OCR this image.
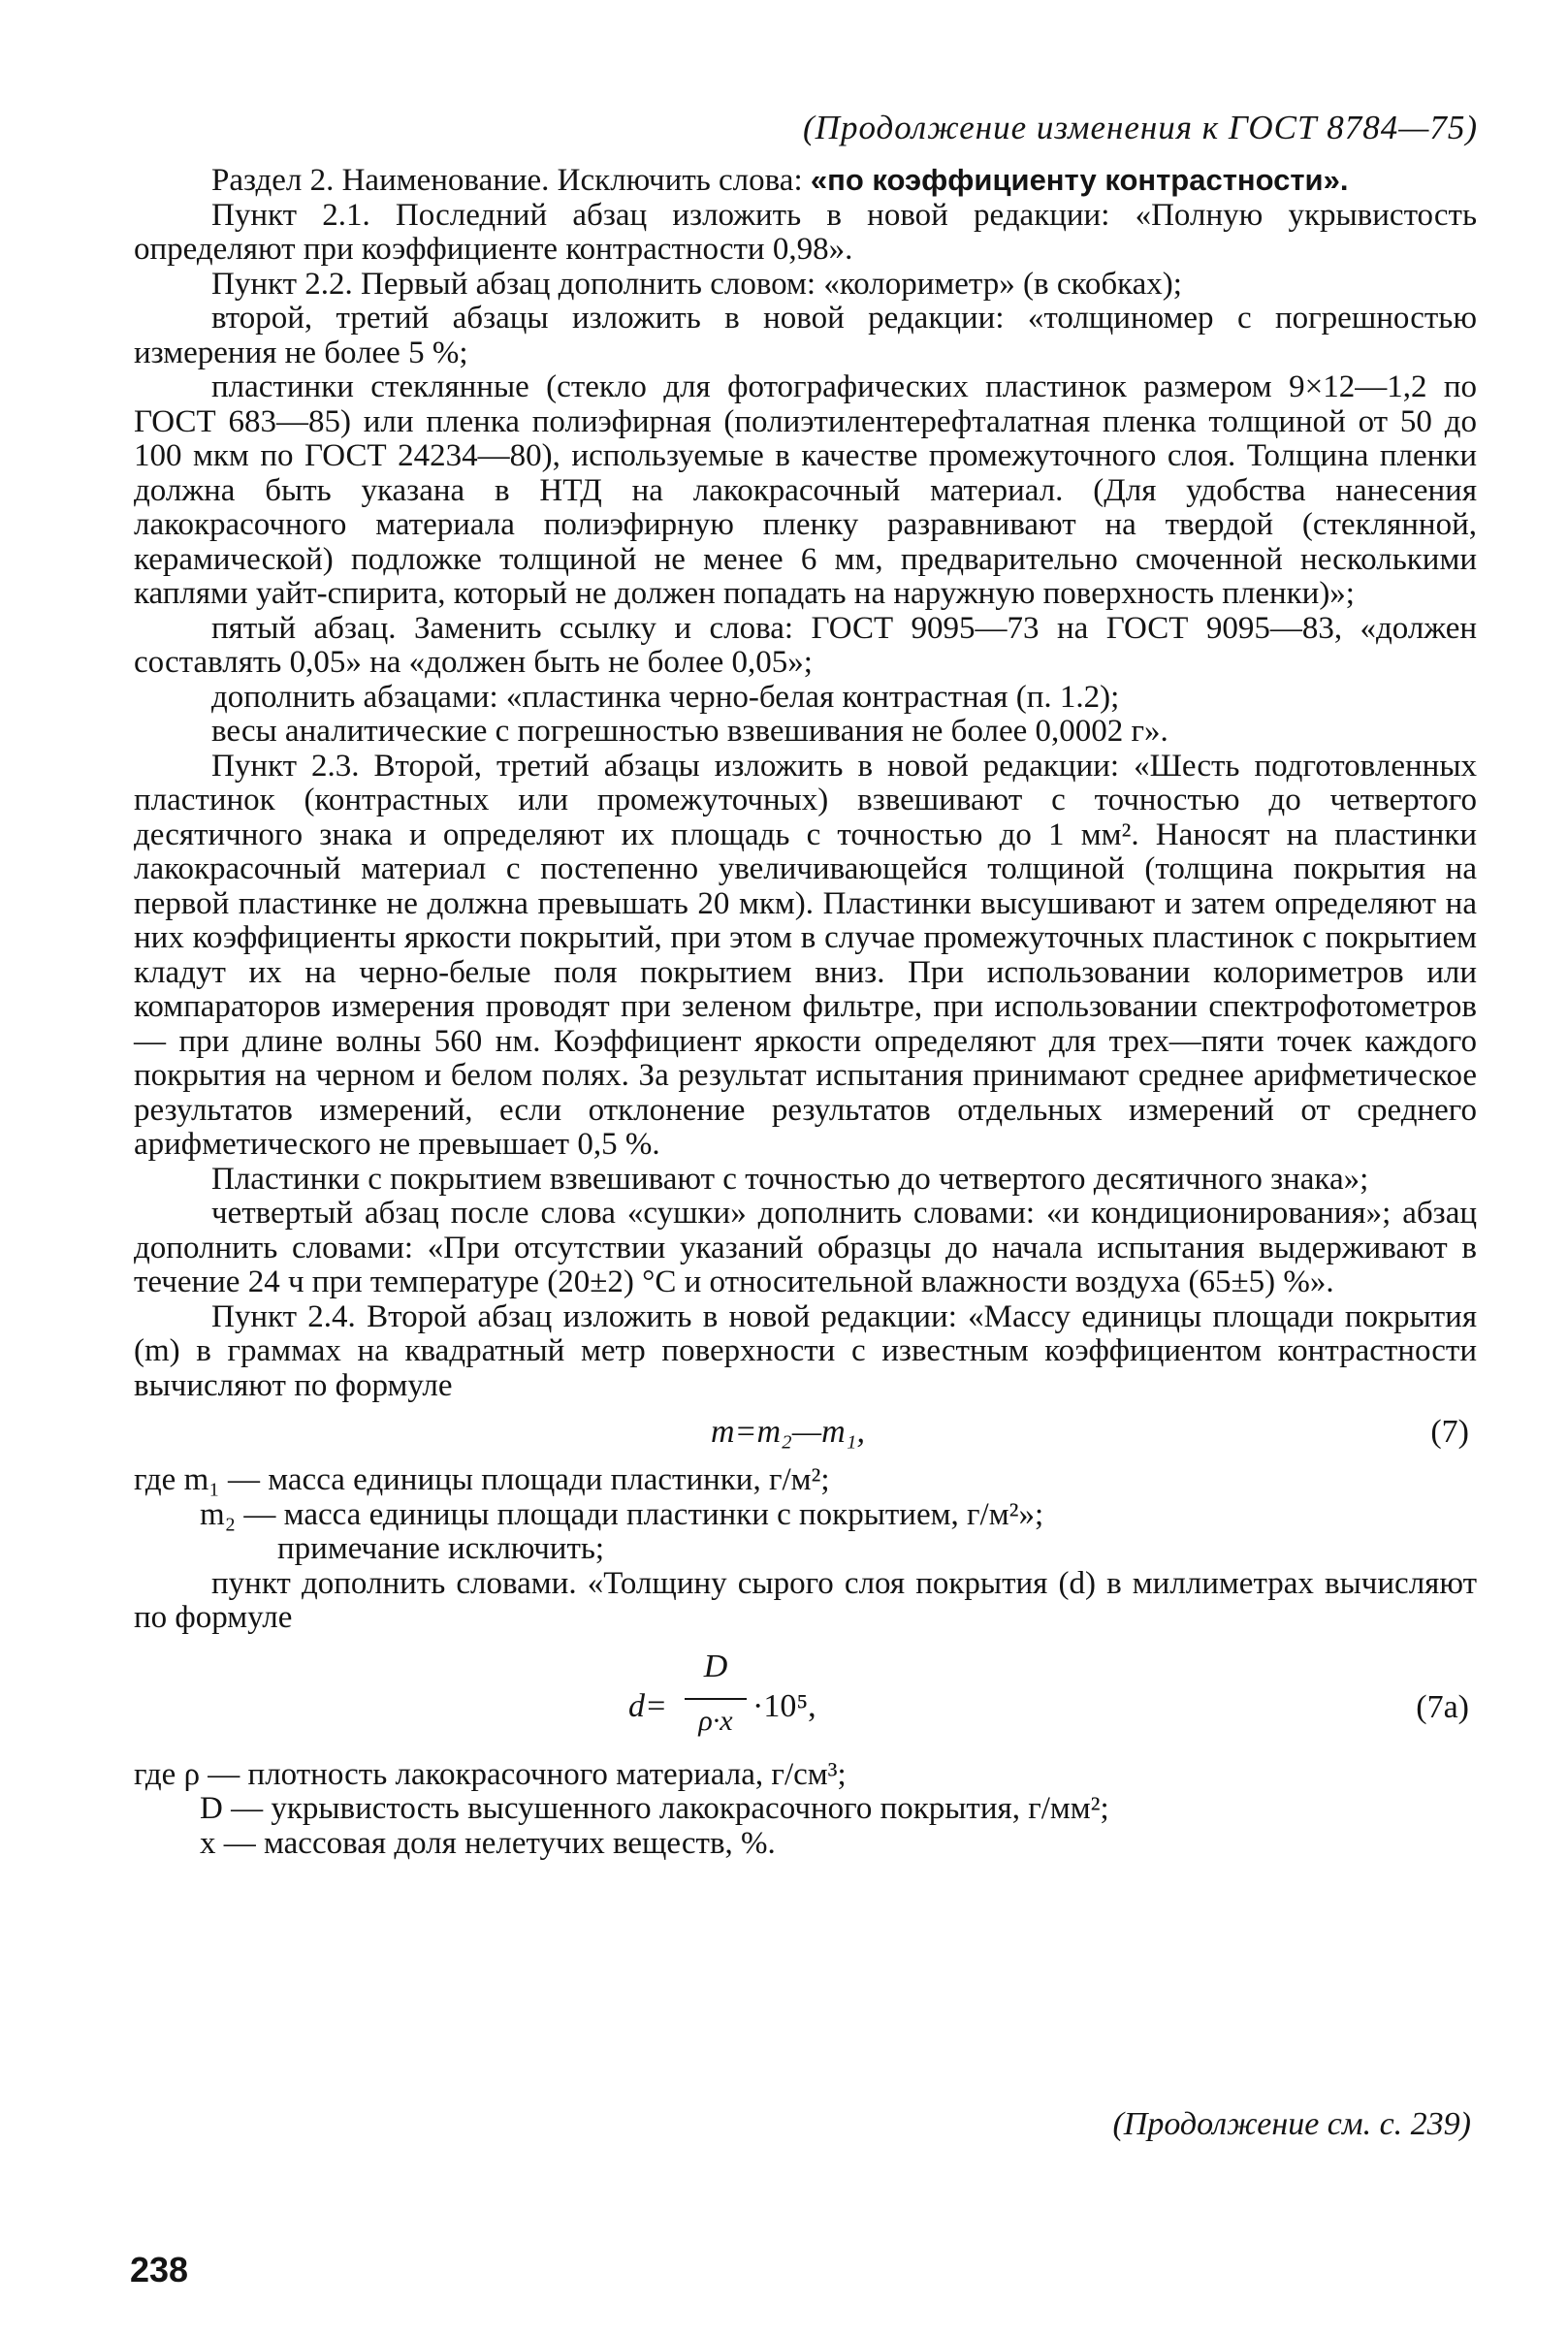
(Продолжение изменения к ГОСТ 8784—75)

Раздел 2. Наименование. Исключить слова: «по коэффициенту контрастности».

Пункт 2.1. Последний абзац изложить в новой редакции: «Полную укрывистость определяют при коэффициенте контрастности 0,98».

Пункт 2.2. Первый абзац дополнить словом: «колориметр» (в скобках);

второй, третий абзацы изложить в новой редакции: «толщиномер с погрешностью измерения не более 5 %;

пластинки стеклянные (стекло для фотографических пластинок размером 9×12—1,2 по ГОСТ 683—85) или пленка полиэфирная (полиэтилентерефталатная пленка толщиной от 50 до 100 мкм по ГОСТ 24234—80), используемые в качестве промежуточного слоя. Толщина пленки должна быть указана в НТД на лакокрасочный материал. (Для удобства нанесения лакокрасочного материала полиэфирную пленку разравнивают на твердой (стеклянной, керамической) подложке толщиной не менее 6 мм, предварительно смоченной несколькими каплями уайт-спирита, который не должен попадать на наружную поверхность пленки)»;

пятый абзац. Заменить ссылку и слова: ГОСТ 9095—73 на ГОСТ 9095—83, «должен составлять 0,05» на «должен быть не более 0,05»;

дополнить абзацами: «пластинка черно-белая контрастная (п. 1.2);

весы аналитические с погрешностью взвешивания не более 0,0002 г».

Пункт 2.3. Второй, третий абзацы изложить в новой редакции: «Шесть подготовленных пластинок (контрастных или промежуточных) взвешивают с точностью до четвертого десятичного знака и определяют их площадь с точностью до 1 мм². Наносят на пластинки лакокрасочный материал с постепенно увеличивающейся толщиной (толщина покрытия на первой пластинке не должна превышать 20 мкм). Пластинки высушивают и затем определяют на них коэффициенты яркости покрытий, при этом в случае промежуточных пластинок с покрытием кладут их на черно-белые поля покрытием вниз. При использовании колориметров или компараторов измерения проводят при зеленом фильтре, при использовании спектрофотометров — при длине волны 560 нм. Коэффициент яркости определяют для трех—пяти точек каждого покрытия на черном и белом полях. За результат испытания принимают среднее арифметическое результатов измерений, если отклонение результатов отдельных измерений от среднего арифметического не превышает 0,5 %.

Пластинки с покрытием взвешивают с точностью до четвертого десятичного знака»;

четвертый абзац после слова «сушки» дополнить словами: «и кондиционирования»; абзац дополнить словами: «При отсутствии указаний образцы до начала испытания выдерживают в течение 24 ч при температуре (20±2) °С и относительной влажности воздуха (65±5) %».

Пункт 2.4. Второй абзац изложить в новой редакции: «Массу единицы площади покрытия (m) в граммах на квадратный метр поверхности с известным коэффициентом контрастности вычисляют по формуле

m=m₂—m₁,	(7)

где m₁ — масса единицы площади пластинки, г/м²;

m₂ — масса единицы площади пластинки с покрытием, г/м²»;

примечание исключить;

пункт дополнить словами. «Толщину сырого слоя покрытия (d) в миллиметрах вычисляют по формуле

d=
D
ρ·x ·10⁵,	(7а)

где ρ — плотность лакокрасочного материала, г/см³;

D — укрывистость высушенного лакокрасочного покрытия, г/мм²;

x — массовая доля нелетучих веществ, %.

(Продолжение см. с. 239)
238
